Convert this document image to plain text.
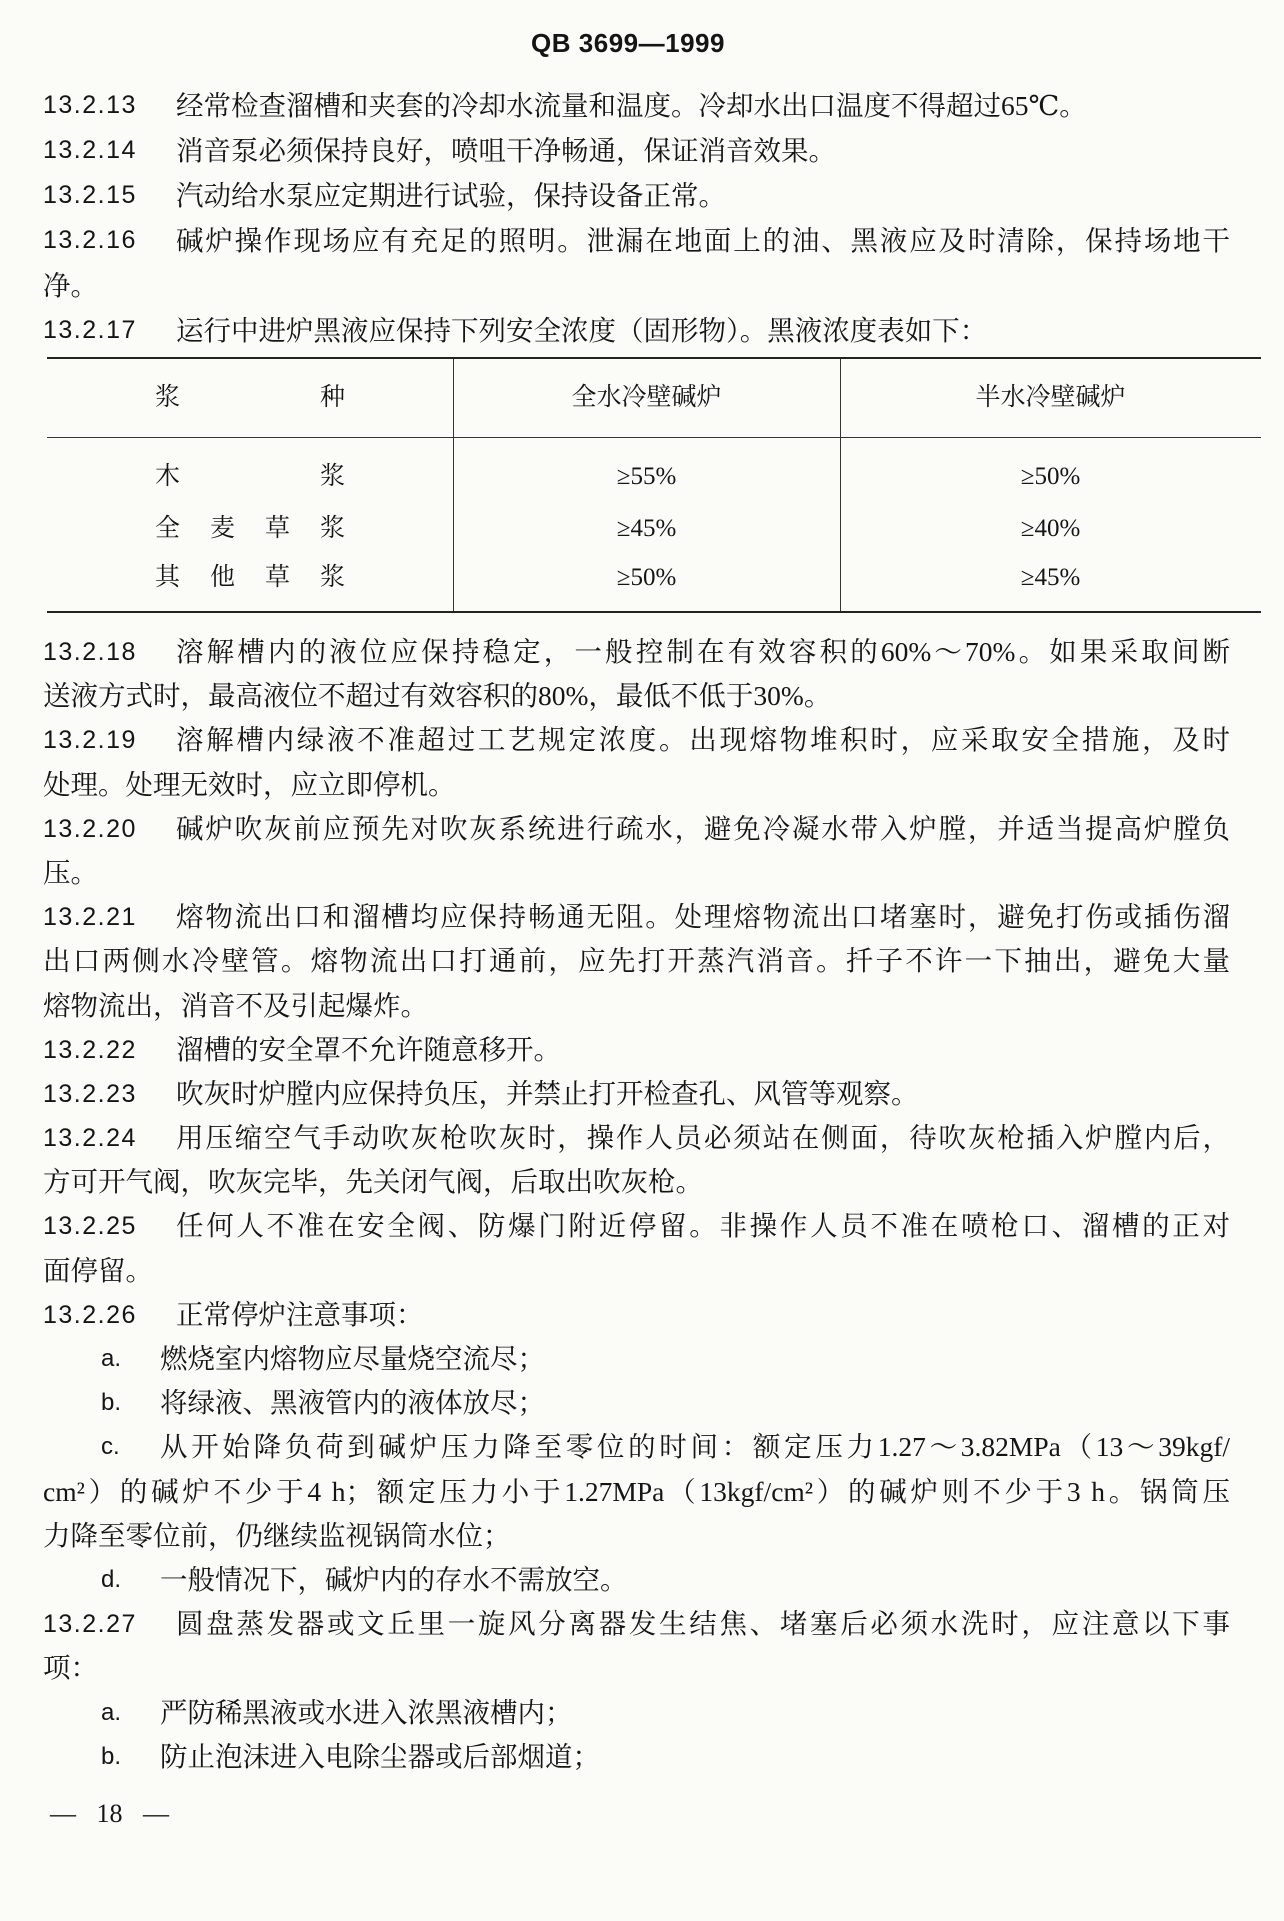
QB 3699—1999
13.2.13	经常检查溜槽和夹套的冷却水流量和温度。冷却水出口温度不得超过65℃。
13.2.14	消音泵必须保持良好，喷咀干净畅通，保证消音效果。
13.2.15	汽动给水泵应定期进行试验，保持设备正常。
13.2.16	碱炉操作现场应有充足的照明。泄漏在地面上的油、黑液应及时清除，保持场地干
净。
13.2.17	运行中进炉黑液应保持下列安全浓度（固形物）。黑液浓度表如下：
浆种	全水冷壁碱炉	半水冷壁碱炉
木浆	≥55%	≥50%
全麦草浆	≥45%	≥40%
其他草浆	≥50%	≥45%
13.2.18	溶解槽内的液位应保持稳定，一般控制在有效容积的60%～70%。如果采取间断
送液方式时，最高液位不超过有效容积的80%，最低不低于30%。
13.2.19	溶解槽内绿液不准超过工艺规定浓度。出现熔物堆积时，应采取安全措施，及时
处理。处理无效时，应立即停机。
13.2.20	碱炉吹灰前应预先对吹灰系统进行疏水，避免冷凝水带入炉膛，并适当提高炉膛负
压。
13.2.21	熔物流出口和溜槽均应保持畅通无阻。处理熔物流出口堵塞时，避免打伤或插伤溜
出口两侧水冷壁管。熔物流出口打通前，应先打开蒸汽消音。扦子不许一下抽出，避免大量
熔物流出，消音不及引起爆炸。
13.2.22	溜槽的安全罩不允许随意移开。
13.2.23	吹灰时炉膛内应保持负压，并禁止打开检查孔、风管等观察。
13.2.24	用压缩空气手动吹灰枪吹灰时，操作人员必须站在侧面，待吹灰枪插入炉膛内后，
方可开气阀，吹灰完毕，先关闭气阀，后取出吹灰枪。
13.2.25	任何人不准在安全阀、防爆门附近停留。非操作人员不准在喷枪口、溜槽的正对
面停留。
13.2.26	正常停炉注意事项：
a.	燃烧室内熔物应尽量烧空流尽；
b.	将绿液、黑液管内的液体放尽；
c.	从开始降负荷到碱炉压力降至零位的时间：额定压力1.27～3.82MPa（13～39kgf/
cm²）的碱炉不少于4 h；额定压力小于1.27MPa（13kgf/cm²）的碱炉则不少于3 h。锅筒压
力降至零位前，仍继续监视锅筒水位；
d.	一般情况下，碱炉内的存水不需放空。
13.2.27	圆盘蒸发器或文丘里一旋风分离器发生结焦、堵塞后必须水洗时，应注意以下事
项：
a.	严防稀黑液或水进入浓黑液槽内；
b.	防止泡沫进入电除尘器或后部烟道；
— 18 —
